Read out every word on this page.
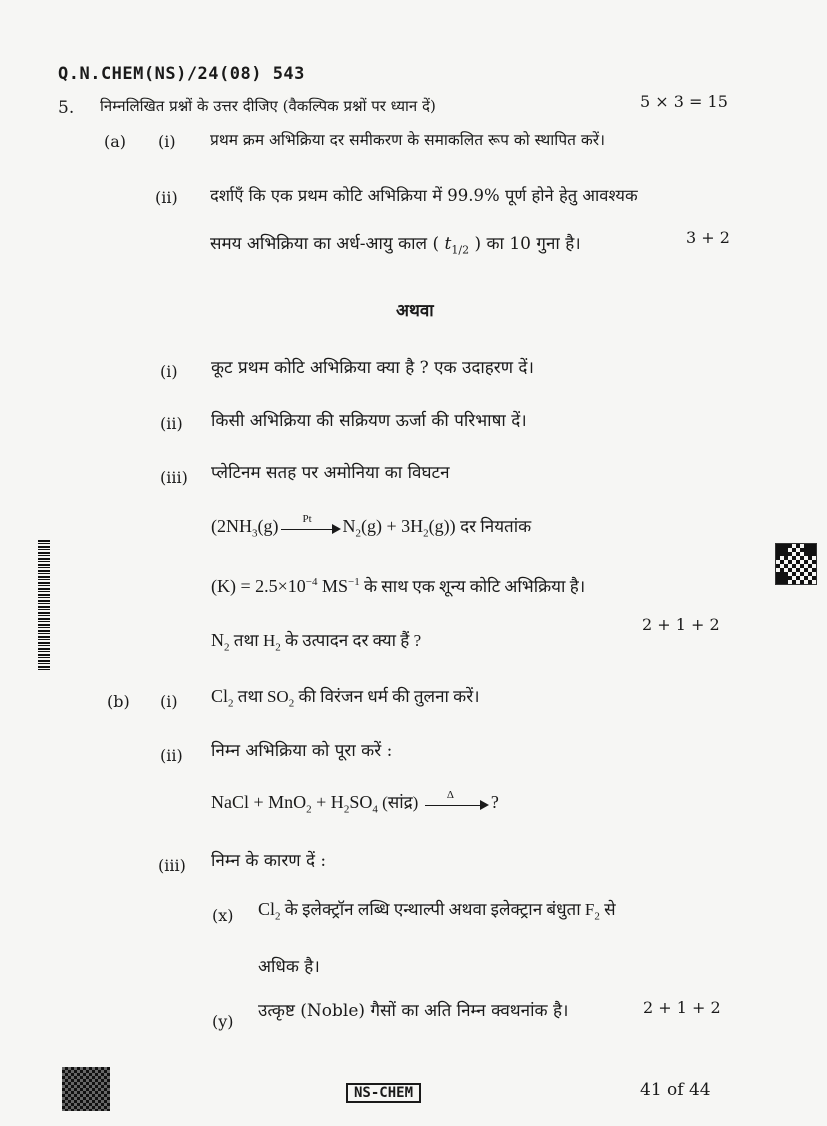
Q.N.CHEM(NS)/24(08) 543
5. निम्नलिखित प्रश्नों के उत्तर दीजिए (वैकल्पिक प्रश्नों पर ध्यान दें)	5 × 3 = 15
(a) (i) प्रथम क्रम अभिक्रिया दर समीकरण के समाकलित रूप को स्थापित करें।
(ii) दर्शाएँ कि एक प्रथम कोटि अभिक्रिया में 99.9% पूर्ण होने हेतु आवश्यक
समय अभिक्रिया का अर्ध-आयु काल ( $t_{1/2}$ ) का 10 गुना है।	3 + 2
अथवा
(i) कूट प्रथम कोटि अभिक्रिया क्या है ? एक उदाहरण दें।
(ii) किसी अभिक्रिया की सक्रियण ऊर्जा की परिभाषा दें।
(iii) प्लेटिनम सतह पर अमोनिया का विघटन
($2NH_3(g)$ Pt $N_2(g) + 3H_2(g)$) दर नियतांक
$(K) = 2.5\times 10^{-4}$ $MS^{-1}$ के साथ एक शून्य कोटि अभिक्रिया है।
$N_2$ तथा $H_2$ के उत्पादन दर क्या हैं ?
2 + 1 + 2
(b) (i) $Cl_2$ तथा $SO_2$ की विरंजन धर्म की तुलना करें।
(ii) निम्न अभिक्रिया को पूरा करें :
NaCl + $MnO_2 + H_2SO_4$ (सांद्र)	Δ ?
(iii) निम्न के कारण दें :
(x) $Cl_2$ के इलेक्ट्रॉन लब्धि एन्थाल्पी अथवा इलेक्ट्रान बंधुता $F_2$ से
अधिक है।
(y)
उत्कृष्ट (Noble) गैसों का अति निम्न क्वथनांक है।	2 + 1 + 2
NS-CHEM	41 of 44
